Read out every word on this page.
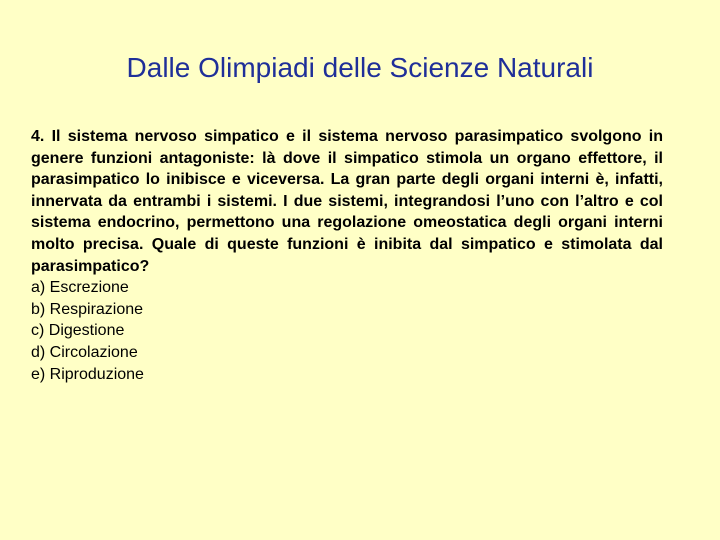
Dalle Olimpiadi delle Scienze Naturali

4. Il sistema nervoso simpatico e il sistema nervoso parasimpatico svolgono in genere funzioni antagoniste: là dove il simpatico stimola un organo effettore, il parasimpatico lo inibisce e viceversa. La gran parte degli organi interni è, infatti, innervata da entrambi i sistemi. I due sistemi, integrandosi l’uno con l’altro e col sistema endocrino, permettono una regolazione omeostatica degli organi interni molto precisa. Quale di queste funzioni è inibita dal simpatico e stimolata dal parasimpatico?

a) Escrezione
b) Respirazione
c) Digestione
d) Circolazione
e) Riproduzione
